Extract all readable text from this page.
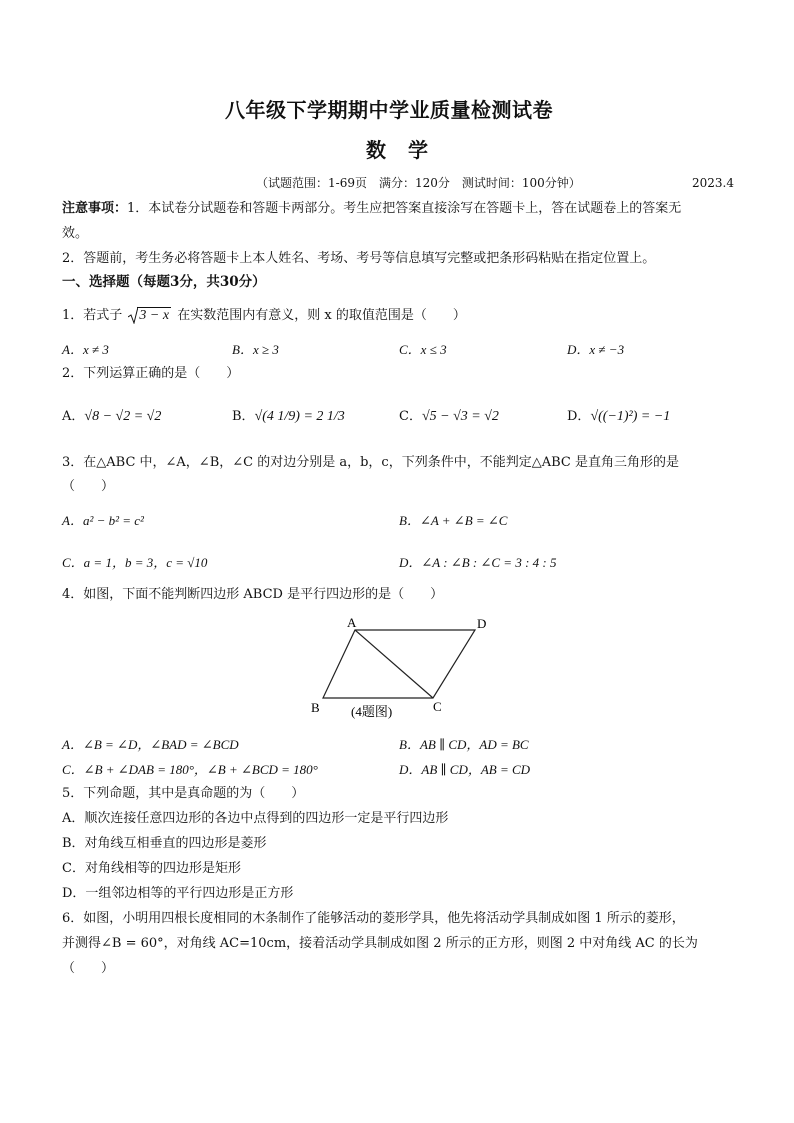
八年级下学期期中学业质量检测试卷
数学
（试题范围：1-69页　满分：120分　测试时间：100分钟）	2023.4
注意事项：1．本试卷分试题卷和答题卡两部分。考生应把答案直接涂写在答题卡上，答在试题卷上的答案无
效。
2．答题前，考生务必将答题卡上本人姓名、考场、考号等信息填写完整或把条形码粘贴在指定位置上。
一、选择题（每题3分，共30分）
1．若式子 3 − x 在实数范围内有意义，则 x 的取值范围是（　　）
A．x ≠ 3	B．x ≥ 3	C．x ≤ 3	D．x ≠ −3
2．下列运算正确的是（　　）
A．√8 − √2 = √2	B．√(4 1/9) = 2 1/3	C．√5 − √3 = √2	D．√((−1)²) = −1
3．在△ABC 中，∠A，∠B，∠C 的对边分别是 a，b，c，下列条件中，不能判定△ABC 是直角三角形的是
（　　）
A．a² − b² = c²	B．∠A + ∠B = ∠C
C．a = 1，b = 3，c = √10	D．∠A : ∠B : ∠C = 3 : 4 : 5
4．如图，下面不能判断四边形 ABCD 是平行四边形的是（　　）
A	D
B	C
(4题图)
A．∠B = ∠D，∠BAD = ∠BCD	B．AB ∥ CD，AD = BC
C．∠B + ∠DAB = 180°，∠B + ∠BCD = 180°	D．AB ∥ CD，AB = CD
5．下列命题，其中是真命题的为（　　）
A．顺次连接任意四边形的各边中点得到的四边形一定是平行四边形
B．对角线互相垂直的四边形是菱形
C．对角线相等的四边形是矩形
D．一组邻边相等的平行四边形是正方形
6．如图，小明用四根长度相同的木条制作了能够活动的菱形学具，他先将活动学具制成如图 1 所示的菱形，
并测得∠B = 60°，对角线 AC=10cm，接着活动学具制成如图 2 所示的正方形，则图 2 中对角线 AC 的长为
（　　）
